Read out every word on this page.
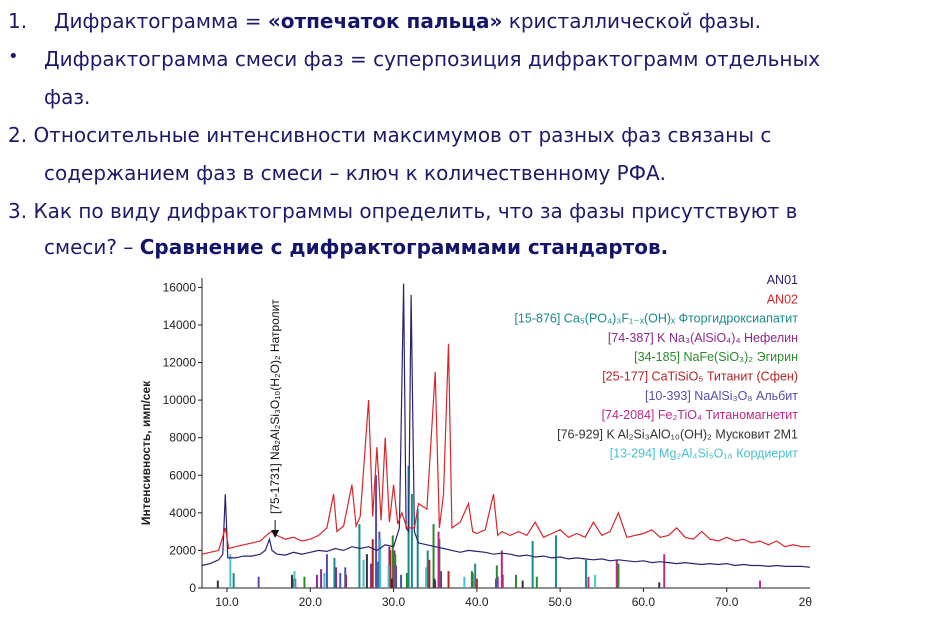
1. Дифрактограмма = «отпечаток пальца» кристаллической фазы.
• Дифрактограмма смеси фаз = суперпозиция дифрактограмм отдельных
фаз.
2. Относительные интенсивности максимумов от разных фаз связаны с
содержанием фаз в смеси – ключ к количественному РФА.
3. Как по виду дифрактограммы определить, что за фазы присутствуют в
смеси? – Сравнение с дифрактограммами стандартов.
0
2000
4000
6000
8000
10000
12000
14000
16000
10.0	20.0	30.0	40.0	50.0	60.0	70.0	2θ
Интенсивность, имп/сек
AN01
AN02
[15-876] Ca₅(PO₄)₃F₁₋ₓ(OH)ₓ Фторгидроксиапатит
[74-387] K Na₃(AlSiO₄)₄ Нефелин
[34-185] NaFe(SiO₃)₂ Эгирин
[25-177] CaTiSiO₅ Титанит (Сфен)
[10-393] NaAlSi₃O₈ Альбит
[74-2084] Fe₂TiO₄ Титаномагнетит
[76-929] K Al₂Si₃AlO₁₀(OH)₂ Мусковит 2M1
[13-294] Mg₂Al₄Si₅O₁₈ Кордиерит
[75-1731] Na₂Al₂Si₃O₁₀(H₂O)₂ Натролит
